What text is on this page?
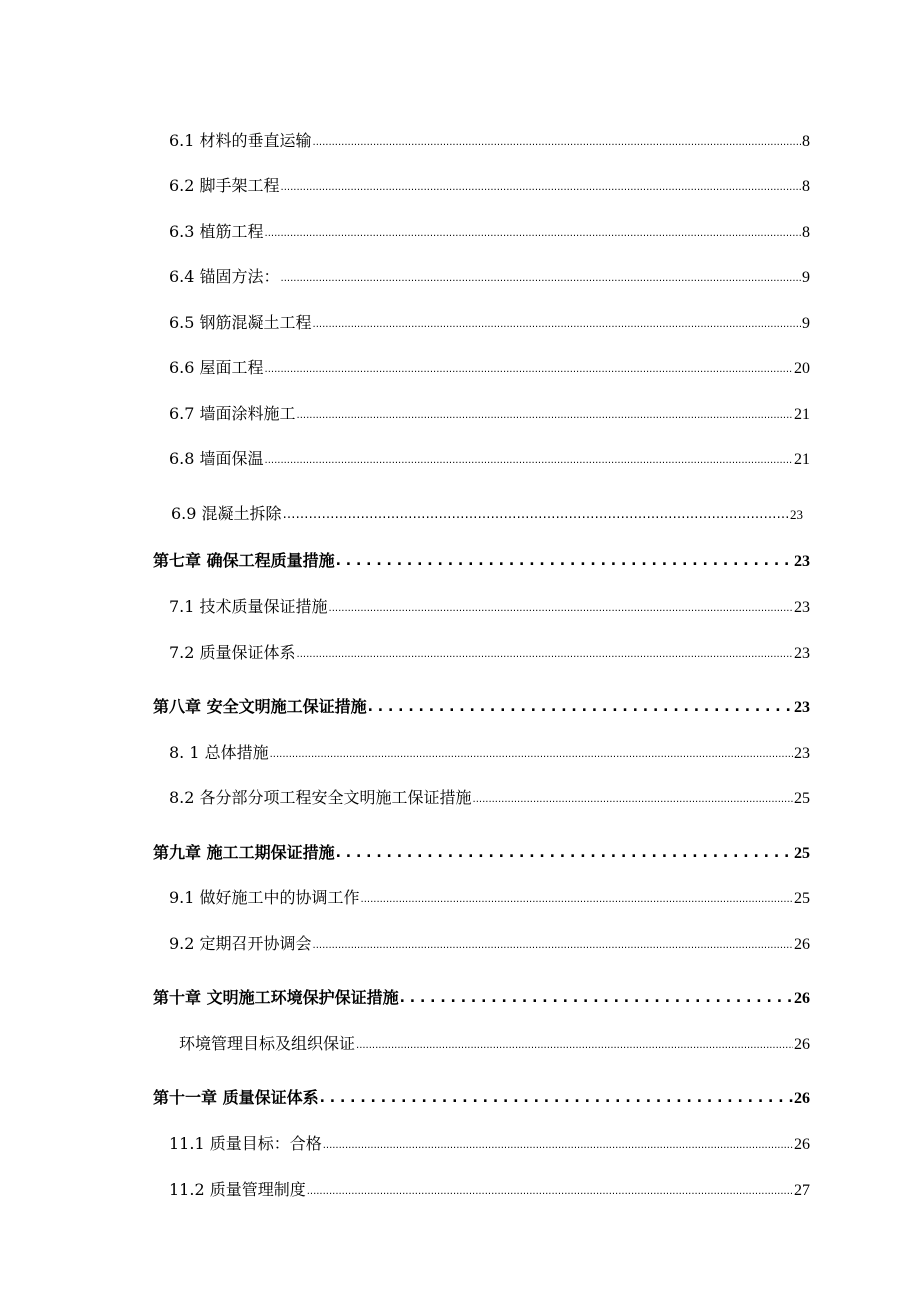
6.1 材料的垂直运输 .....	8
6.2 脚手架工程 .....	8
6.3 植筋工程 .....	8
6.4 锚固方法： .....	9
6.5 钢筋混凝土工程 .....	9
6.6 屋面工程 .....	20
6.7 墙面涂料施工 .....	21
6.8 墙面保温 .....	21
6.9 混凝土拆除 …………………………………………………………………………………………………………………………………………………………………………………	23
第七章 确保工程质量措施 . . .	23
7.1 技术质量保证措施 .....	23
7.2 质量保证体系 .....	23
第八章 安全文明施工保证措施 . . .	23
8. 1 总体措施 .....	23
8.2 各分部分项工程安全文明施工保证措施 .....	25
第九章 施工工期保证措施 . . .	25
9.1 做好施工中的协调工作 .....	25
9.2 定期召开协调会 .....	26
第十章 文明施工环境保护保证措施 . . .	26
环境管理目标及组织保证 .....	26
第十一章 质量保证体系 . . .	26
11.1 质量目标：合格 .....	26
11.2 质量管理制度 .....	27
